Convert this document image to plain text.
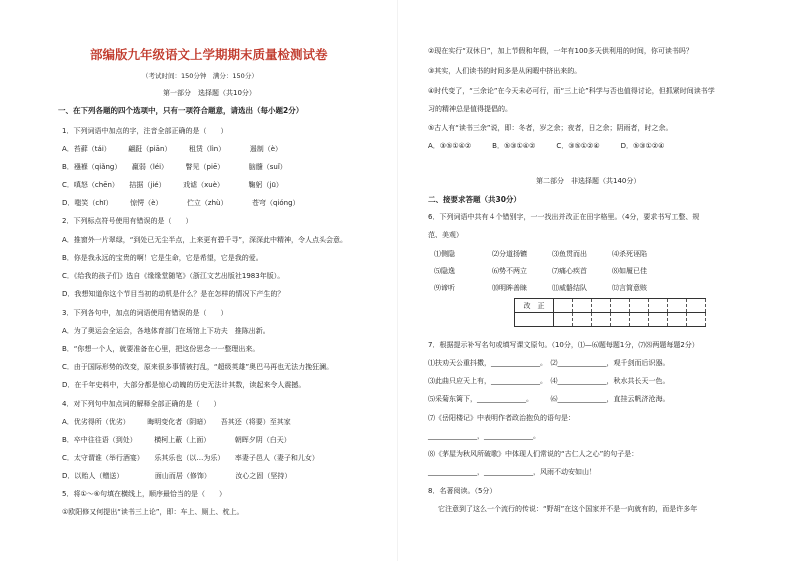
部编版九年级语文上学期期末质量检测试卷
（考试时间：150分钟　满分：150分）
第一部分　选择题（共10分）
一、在下列各题的四个选项中，只有一项符合题意，请选出（每小题2分）
1．下列词语中加点的字，注音全部正确的是（　　）
A．苔藓（tái）　　　翩跹（piān）　　　租赁（lìn）　　　　遏制（è）
B．襁褓（qiǎng）　　羸弱（léi）　　　瞥见（piē）　　　　脑髓（suǐ）
C．嗔怒（chēn）　　拮据（jié）　　　戏谑（xuè）　　　　鞠躬（jū）
D．嗤笑（chī）　　　惊愕（è）　　　　伫立（zhù）　　　　苍穹（qióng）
2．下列标点符号使用有错误的是（　　）
A．推窗外一片翠绿，“到处已无尘半点，上来更有碧千寻”，深深此中精神，令人点头会意。
B．你是我永远的宝贵的啊！它是生命，它是希望，它是我的爱。
C．《给我的孩子们》选自《缘缘堂随笔》（浙江文艺出版社1983年版）。
D．我想知道你这个节目当初的动机是什么？是在怎样的情况下产生的？
3．下列各句中，加点的词语使用有错误的是（　　）
A．为了奥运会全运会，各地体育部门在场馆上下功夫　推陈出新。
B．“你想一个人，就要准备在心里，把这份思念一一整理出来。
C．由于国际形势的改变，原来很多事情被打乱，“超级英雄”奥巴马再也无法力挽狂澜。
D．在千年史料中，大部分都是惊心动魄的历史无法计其数，读起来令人震撼。
4．对下列句中加点词的解释全部正确的是（　　）
A．优劣得所（优劣）　　　晦明变化者（阴暗）　　吾其还（将要）至其家
B．卒中往往语（到处）　　　横柯上蔽（上面）　　　　朝晖夕阴（白天）
C．太守谓谁（举行酒宴）　　乐其乐也（以…为乐）　　率妻子邑人（妻子和儿女）
D．以贻人（赠送）　　　　　面山而居（修饰）　　　　汝心之固（坚持）
5．将①～⑥句填在横线上，顺序最恰当的是（　　）
①欧阳修又何提出“读书三上论”，即：车上、厕上、枕上。
②现在实行“双休日”，加上节假和年假，一年有100多天供利用的时间，你可读书吗？
③其实，人们读书的时间多是从闲暇中挤出来的。
④时代变了，“三余论”在今天未必可行，而“三上论”科学与否也值得讨论，但抓紧时间读书学
习的精神总是值得提倡的。
⑤古人有“读书三余”说，即：冬者，岁之余；夜者，日之余；阴雨者，时之余。
A．③⑤①④②　　　B．⑤③①④②　　　C．③⑤①②④　　　D．⑤③①②④
第二部分　非选择题（共140分）
二、接要求答题（共30分）
6．下列词语中共有４个错别字，一一找出并改正在田字格里。（4分，要求书写工整、规
范、美观）
⑴侧隐	⑵分道扬镳	⑶鱼贯而出	⑷杀死诬陷
⑸隐逸	⑹势不两立	⑺痛心疾首	⑻如履已佳
⑼谛听	⑽明眸善睐	⑾威骼结队	⑿言简意赅
改　正								

7．根据提示补写名句或填写课文原句。（10分，⑴—⑹题每题1分，⑺⑻两题每题2分）
⑴扶劝天公重抖擞，______________。　⑵______________，观千剑而后识器。
⑶此曲只应天上有，______________。　⑷______________，秋水共长天一色。
⑸采菊东篱下，______________。　　　⑹______________，直挂云帆济沧海。
⑺《岳阳楼记》中表明作者政治抱负的语句是：
______________，______________。
⑻《茅屋为秋风所破歌》中体现人们常说的“古仁人之心”的句子是：
______________，______________，风雨不动安如山！
8．名著阅读。（5分）
它注意到了这么一个流行的传说：“野胡”在这个国家并不是一向就有的，而是许多年
